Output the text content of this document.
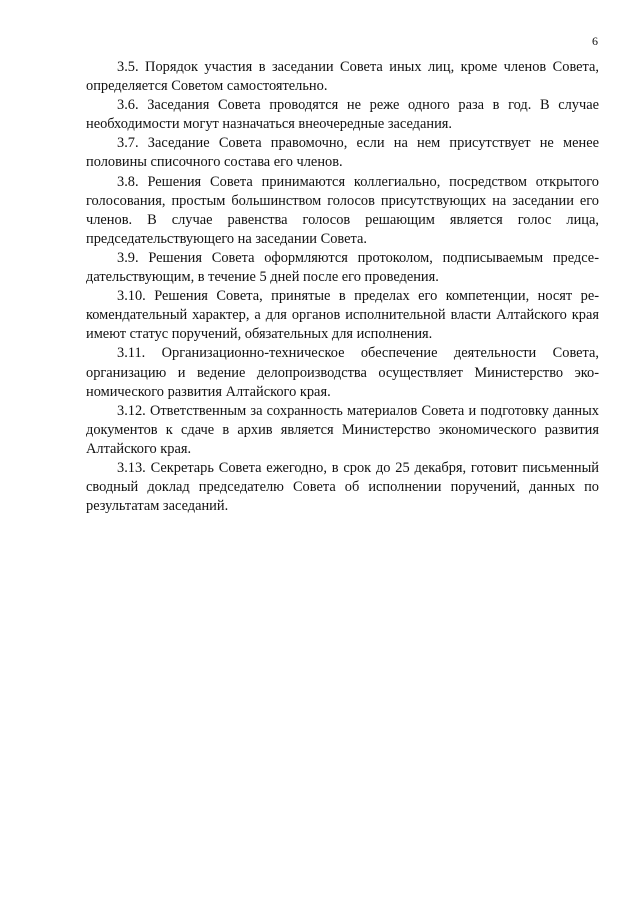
6

3.5. Порядок участия в заседании Совета иных лиц, кроме членов Совета, определяется Советом самостоятельно.

3.6. Заседания Совета проводятся не реже одного раза в год. В случае необходимости могут назначаться внеочередные заседания.

3.7. Заседание Совета правомочно, если на нем присутствует не менее половины списочного состава его членов.

3.8. Решения Совета принимаются коллегиально, посредством открытого голосования, простым большинством голосов присутствующих на заседании его членов. В случае равенства голосов решающим является голос лица, председательствующего на заседании Совета.

3.9. Решения Совета оформляются протоколом, подписываемым председательствующим, в течение 5 дней после его проведения.

3.10. Решения Совета, принятые в пределах его компетенции, носят рекомендательный характер, а для органов исполнительной власти Алтайского края имеют статус поручений, обязательных для исполнения.

3.11. Организационно-техническое обеспечение деятельности Совета, организацию и ведение делопроизводства осуществляет Министерство экономического развития Алтайского края.

3.12. Ответственным за сохранность материалов Совета и подготовку данных документов к сдаче в архив является Министерство экономического развития Алтайского края.

3.13. Секретарь Совета ежегодно, в срок до 25 декабря, готовит письменный сводный доклад председателю Совета об исполнении поручений, данных по результатам заседаний.
